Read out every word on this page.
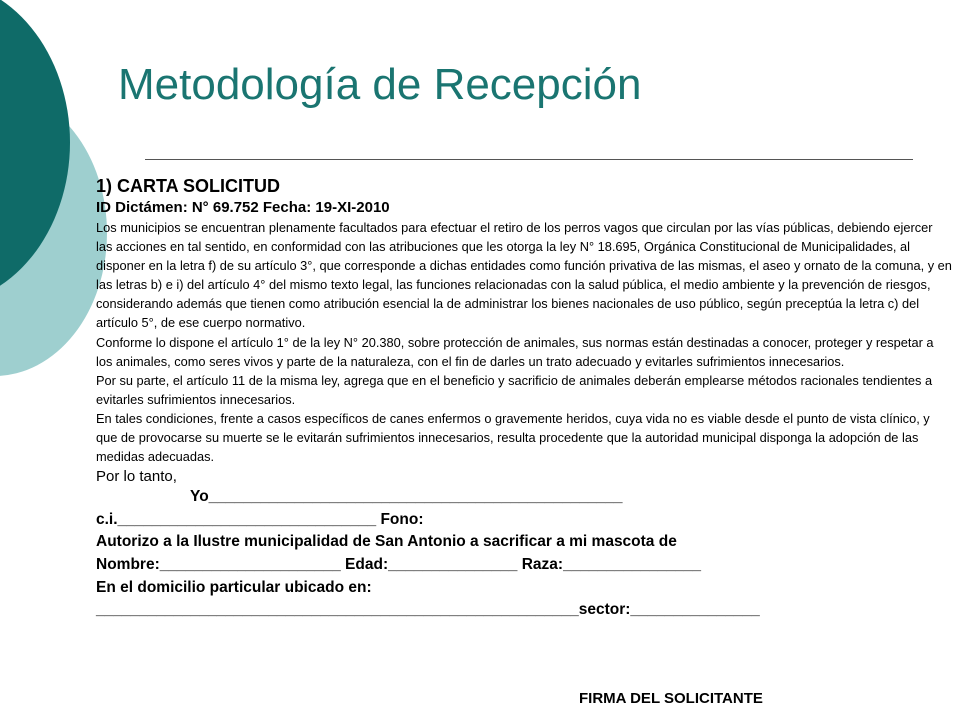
Metodología de Recepción

1) CARTA SOLICITUD

ID Dictámen: N° 69.752 Fecha: 19-XI-2010

Los municipios se encuentran plenamente facultados para efectuar el retiro de los perros vagos que circulan por las vías públicas, debiendo ejercer las acciones en tal sentido, en conformidad con las atribuciones que les otorga la ley N° 18.695, Orgánica Constitucional de Municipalidades, al disponer en la letra f) de su artículo 3°, que corresponde a dichas entidades como función privativa de las mismas, el aseo y ornato de la comuna, y en las letras b) e i) del artículo 4° del mismo texto legal, las funciones relacionadas con la salud pública, el medio ambiente y la prevención de riesgos, considerando además que tienen como atribución esencial la de administrar los bienes nacionales de uso público, según preceptúa la letra c) del artículo 5°, de ese cuerpo normativo.

Conforme lo dispone el artículo 1° de la ley N° 20.380, sobre protección de animales, sus normas están destinadas a conocer, proteger y respetar a los animales, como seres vivos y parte de la naturaleza, con el fin de darles un trato adecuado y evitarles sufrimientos innecesarios.

Por su parte, el artículo 11 de la misma ley, agrega que en el beneficio y sacrificio de animales deberán emplearse métodos racionales tendientes a evitarles sufrimientos innecesarios.

En tales condiciones, frente a casos específicos de canes enfermos o gravemente heridos, cuya vida no es viable desde el punto de vista clínico, y que de provocarse su muerte se le evitarán sufrimientos innecesarios, resulta procedente que la autoridad municipal disponga la adopción de las medidas adecuadas.

Por lo tanto,

Yo________________________________________________

c.i.______________________________ Fono:

Autorizo a la Ilustre municipalidad de San Antonio a sacrificar a mi mascota de

Nombre:_____________________ Edad:_______________ Raza:________________

En el domicilio particular ubicado en:

________________________________________________________sector:_______________

FIRMA DEL SOLICITANTE
